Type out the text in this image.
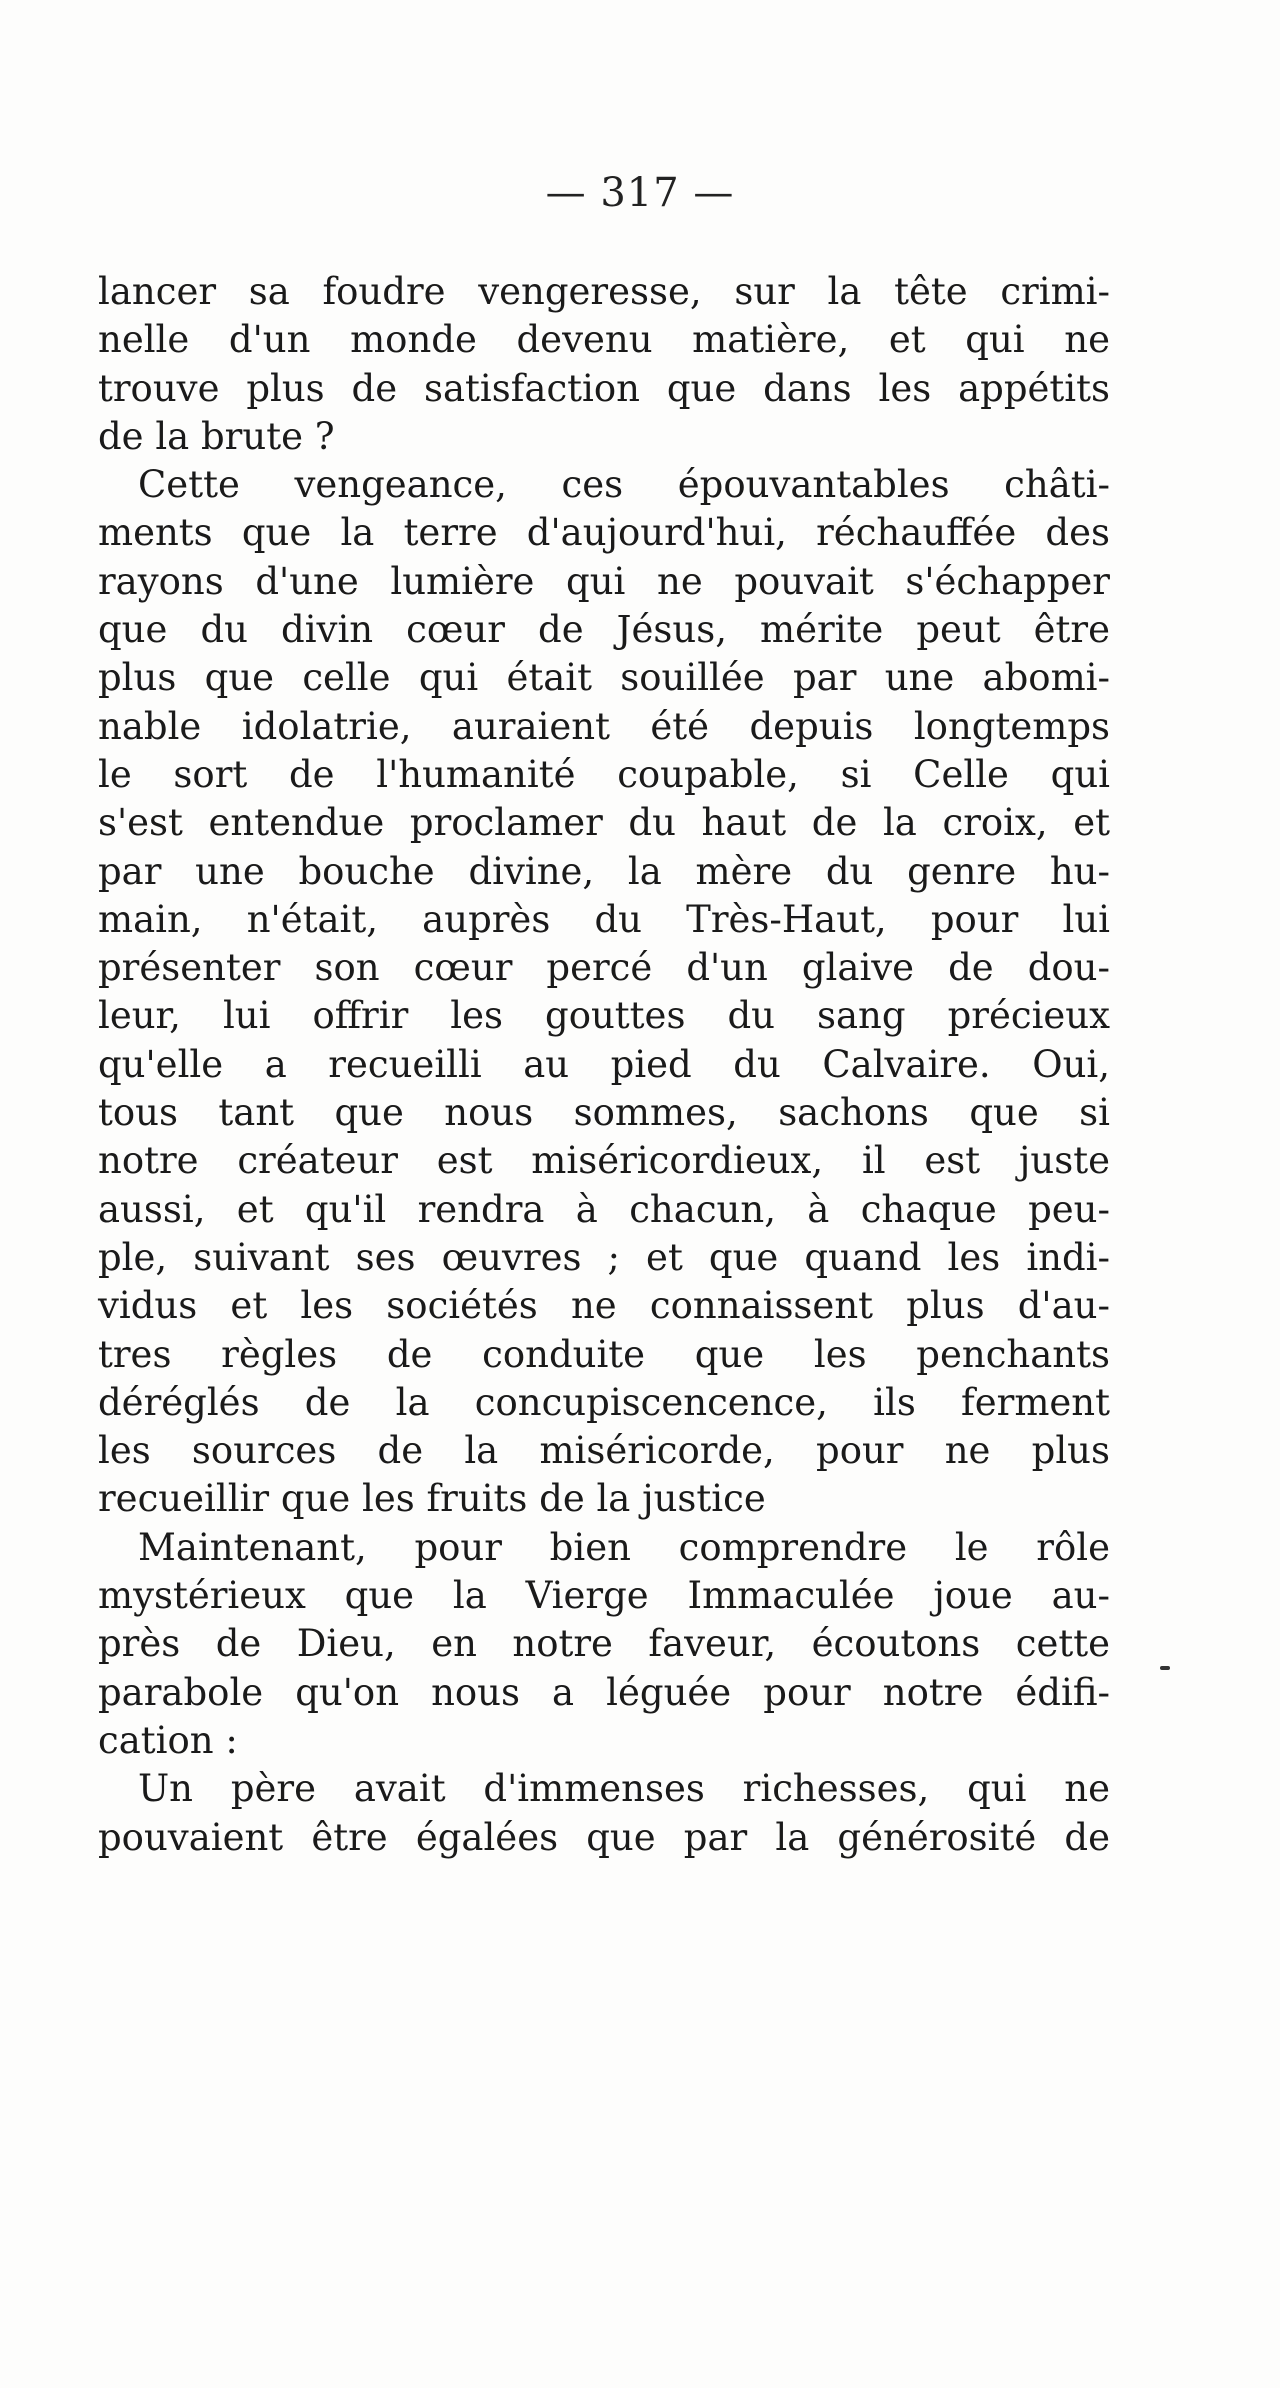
— 317 —
lancer sa foudre vengeresse, sur la tête crimi-
nelle d'un monde devenu matière, et qui ne
trouve plus de satisfaction que dans les appétits
de la brute ?
Cette vengeance, ces épouvantables châti-
ments que la terre d'aujourd'hui, réchauffée des
rayons d'une lumière qui ne pouvait s'échapper
que du divin cœur de Jésus, mérite peut être
plus que celle qui était souillée par une abomi-
nable idolatrie, auraient été depuis longtemps
le sort de l'humanité coupable, si Celle qui
s'est entendue proclamer du haut de la croix, et
par une bouche divine, la mère du genre hu-
main, n'était, auprès du Très-Haut, pour lui
présenter son cœur percé d'un glaive de dou-
leur, lui offrir les gouttes du sang précieux
qu'elle a recueilli au pied du Calvaire. Oui,
tous tant que nous sommes, sachons que si
notre créateur est miséricordieux, il est juste
aussi, et qu'il rendra à chacun, à chaque peu-
ple, suivant ses œuvres ; et que quand les indi-
vidus et les sociétés ne connaissent plus d'au-
tres règles de conduite que les penchants
déréglés de la concupiscencence, ils ferment
les sources de la miséricorde, pour ne plus
recueillir que les fruits de la justice
Maintenant, pour bien comprendre le rôle
mystérieux que la Vierge Immaculée joue au-
près de Dieu, en notre faveur, écoutons cette
parabole qu'on nous a léguée pour notre édifi-
cation :
Un père avait d'immenses richesses, qui ne
pouvaient être égalées que par la générosité de
